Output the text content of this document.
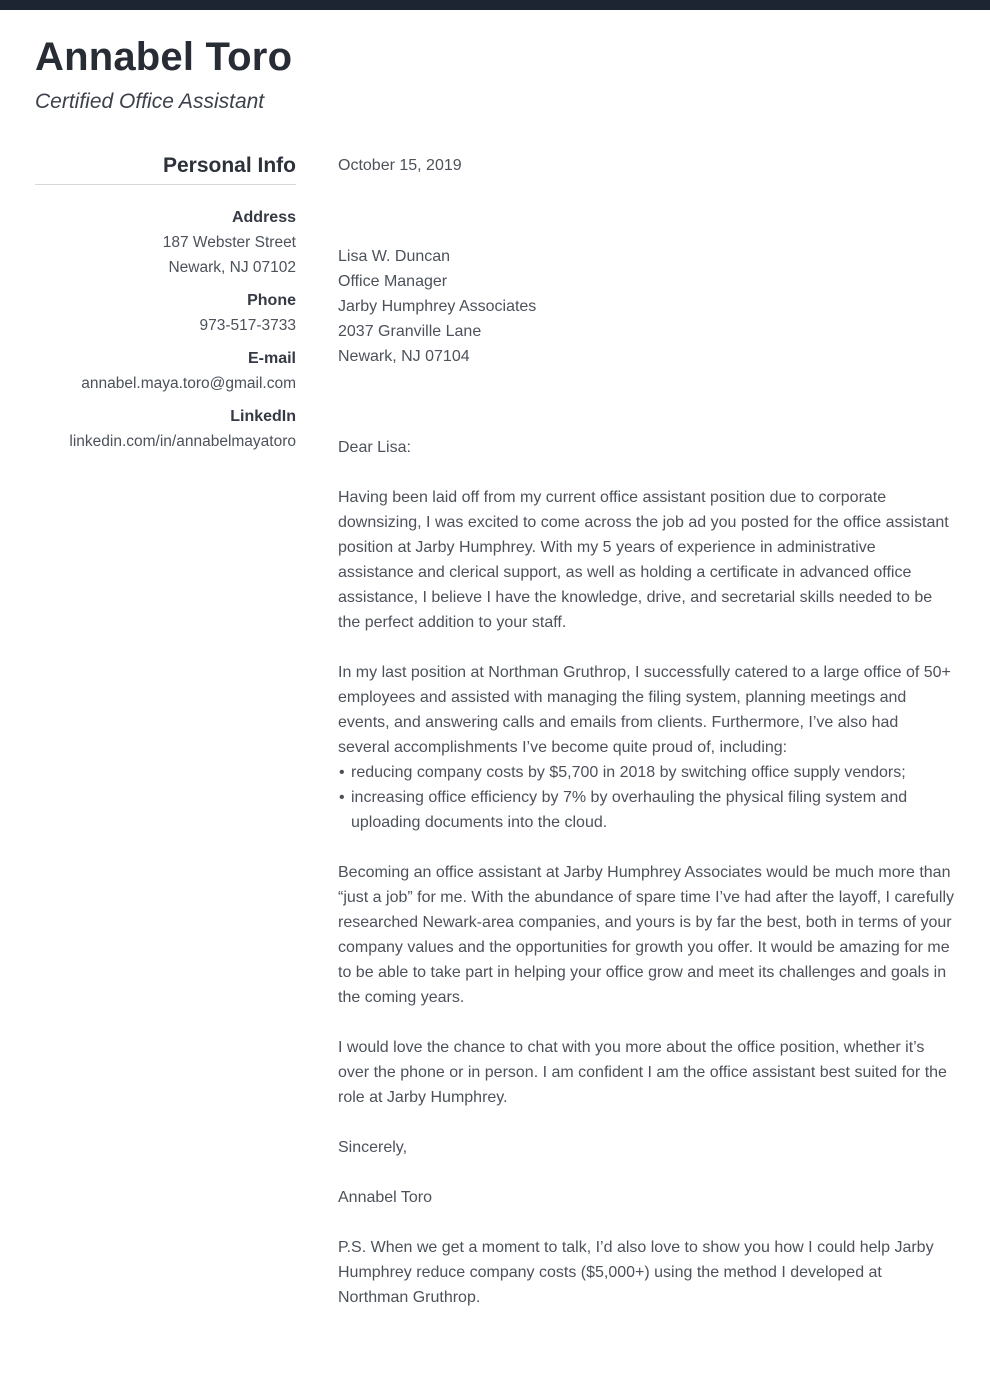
Annabel Toro
Certified Office Assistant
Personal Info
Address
187 Webster Street
Newark, NJ 07102
Phone
973-517-3733
E-mail
annabel.maya.toro@gmail.com
LinkedIn
linkedin.com/in/annabelmayatoro
October 15, 2019
Lisa W. Duncan
Office Manager
Jarby Humphrey Associates
2037 Granville Lane
Newark, NJ 07104

Dear Lisa:

Having been laid off from my current office assistant position due to corporate downsizing, I was excited to come across the job ad you posted for the office assistant position at Jarby Humphrey. With my 5 years of experience in administrative assistance and clerical support, as well as holding a certificate in advanced office assistance, I believe I have the knowledge, drive, and secretarial skills needed to be the perfect addition to your staff.

In my last position at Northman Gruthrop, I successfully catered to a large office of 50+ employees and assisted with managing the filing system, planning meetings and events, and answering calls and emails from clients. Furthermore, I’ve also had several accomplishments I’ve become quite proud of, including:

• reducing company costs by $5,700 in 2018 by switching office supply vendors;
• increasing office efficiency by 7% by overhauling the physical filing system and uploading documents into the cloud.

Becoming an office assistant at Jarby Humphrey Associates would be much more than “just a job” for me. With the abundance of spare time I’ve had after the layoff, I carefully researched Newark-area companies, and yours is by far the best, both in terms of your company values and the opportunities for growth you offer. It would be amazing for me to be able to take part in helping your office grow and meet its challenges and goals in the coming years.

I would love the chance to chat with you more about the office position, whether it’s over the phone or in person. I am confident I am the office assistant best suited for the role at Jarby Humphrey.

Sincerely,

Annabel Toro

P.S. When we get a moment to talk, I’d also love to show you how I could help Jarby Humphrey reduce company costs ($5,000+) using the method I developed at Northman Gruthrop.
